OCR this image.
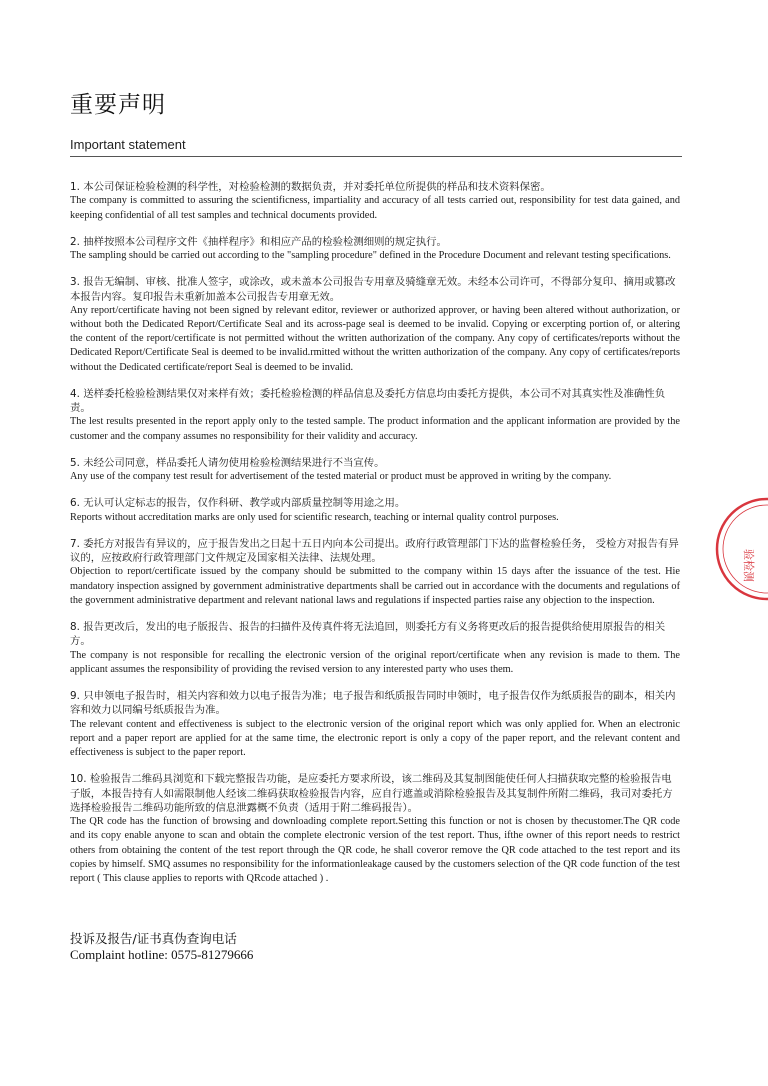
重要声明
Important statement
1. 本公司保证检验检测的科学性，对检验检测的数据负责，并对委托单位所提供的样品和技术资料保密。
The company is committed to assuring the scientificness, impartiality and accuracy of all tests carried out, responsibility for test data gained, and keeping confidential of all test samples and technical documents provided.
2. 抽样按照本公司程序文件《抽样程序》和相应产品的检验检测细则的规定执行。
The sampling should be carried out according to the "sampling procedure" defined in the Procedure Document and relevant testing specifications.
3. 报告无编制、审核、批准人签字，或涂改，或未盖本公司报告专用章及骑缝章无效。未经本公司许可，不得部分复印、摘用或篡改本报告内容。复印报告未重新加盖本公司报告专用章无效。
Any report/certificate having not been signed by relevant editor, reviewer or authorized approver, or having been altered without authorization, or without both the Dedicated Report/Certificate Seal and its across-page seal is deemed to be invalid. Copying or excerpting portion of, or altering the content of the report/certificate is not permitted without the written authorization of the company. Any copy of certificates/reports without the Dedicated Report/Certificate Seal is deemed to be invalid.rmitted without the written authorization of the company. Any copy of certificates/reports without the Dedicated certificate/report Seal is deemed to be invalid.
4. 送样委托检验检测结果仅对来样有效；委托检验检测的样品信息及委托方信息均由委托方提供，本公司不对其真实性及准确性负责。
The lest results presented in the report apply only to the tested sample. The product information and the applicant information are provided by the customer and the company assumes no responsibility for their validity and accuracy.
5. 未经公司同意，样品委托人请勿使用检验检测结果进行不当宣传。
Any use of the company test result for advertisement of the tested material or product must be approved in writing by the company.
6. 无认可认定标志的报告，仅作科研、教学或内部质量控制等用途之用。
Reports without accreditation marks are only used for scientific research, teaching or internal quality control purposes.
7. 委托方对报告有异议的，应于报告发出之日起十五日内向本公司提出。政府行政管理部门下达的监督检验任务， 受检方对报告有异议的，应按政府行政管理部门文件规定及国家相关法律、法规处理。
Objection to report/certificate issued by the company should be submitted to the company within 15 days after the issuance of the test. Hie mandatory inspection assigned by government administrative departments shall be carried out in accordance with the documents and regulations of the government administrative department and relevant national laws and regulations if inspected parties raise any objection to the inspection.
8. 报告更改后，发出的电子版报告、报告的扫描件及传真件将无法追回，则委托方有义务将更改后的报告提供给使用原报告的相关方。
The company is not responsible for recalling the electronic version of the original report/certificate when any revision is made to them. The applicant assumes the responsibility of providing the revised version to any interested party who uses them.
9. 只申领电子报告时，相关内容和效力以电子报告为准；电子报告和纸质报告同时申领时，电子报告仅作为纸质报告的副本，相关内容和效力以同编号纸质报告为准。
The relevant content and effectiveness is subject to the electronic version of the original report which was only applied for. When an electronic report and a paper report are applied for at the same time, the electronic report is only a copy of the paper report, and the relevant content and effectiveness is subject to the paper report.
10. 检验报告二维码具浏览和下载完整报告功能，是应委托方要求所设，该二维码及其复制图能使任何人扫描获取完整的检验报告电子版，本报告持有人如需限制他人经该二维码获取检验报告内容，应自行遮盖或消除检验报告及其复制件所附二维码，我司对委托方选择检验报告二维码功能所致的信息泄露概不负责（适用于附二维码报告）。
The QR code has the function of browsing and downloading complete report.Setting this function or not is chosen by thecustomer.The QR code and its copy enable anyone to scan and obtain the complete electronic version of the test report. Thus, ifthe owner of this report needs to restrict others from obtaining the content of the test report through the QR code, he shall coveror remove the QR code attached to the test report and its copies by himself. SMQ assumes no responsibility for the informationleakage caused by the customers selection of the QR code function of the test report ( This clause applies to reports with QRcode attached ) .
投诉及报告/证书真伪查询电话
Complaint hotline: 0575-81279666
验检测
